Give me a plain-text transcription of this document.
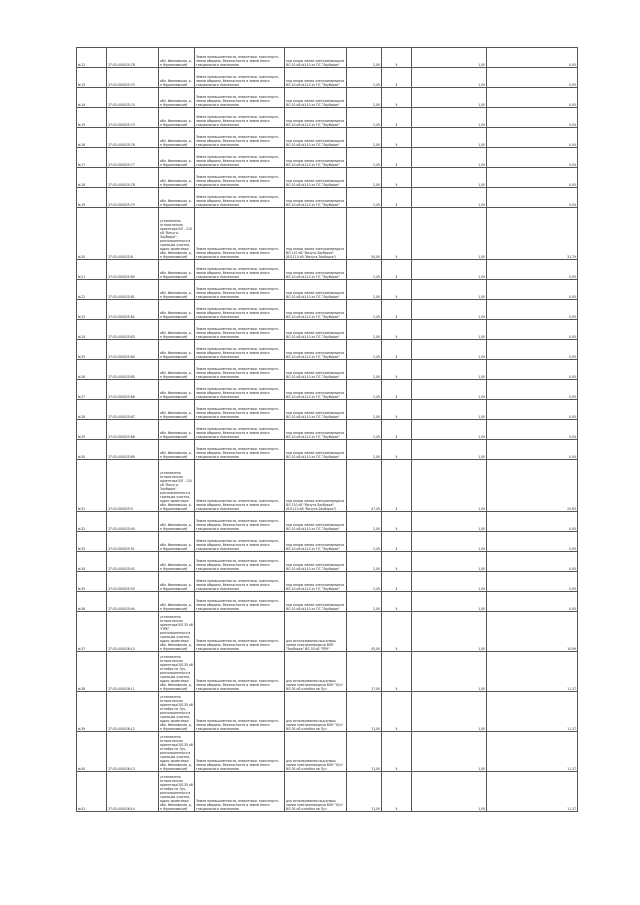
№12	37:02:000025:78	обл. Ивановская, р-н Фурмановский	Земли промышленности, энергетики, транспорта, земли обороны, безопасности и земли иного специального назначения	под опоры линии электропередачи ВЛ-10 кВ №110 от ПС "Зауборье"	2,00	4	1,00	0,05
№13	37:02:000025:75	обл. Ивановская, р-н Фурмановский	Земли промышленности, энергетики, транспорта, земли обороны, безопасности и земли иного специального назначения	под опоры линии электропередачи ВЛ-10 кВ №110 от ПС "Зауборье"	2,00	4	1,00	0,05
№14	37:02:000025:74	обл. Ивановская, р-н Фурмановский	Земли промышленности, энергетики, транспорта, земли обороны, безопасности и земли иного специального назначения	под опоры линии электропередачи ВЛ-10 кВ №110 от ПС "Зауборье"	2,00	4	1,00	0,05
№15	37:02:000025:73	обл. Ивановская, р-н Фурмановский	Земли промышленности, энергетики, транспорта, земли обороны, безопасности и земли иного специального назначения	под опоры линии электропередачи ВЛ-10 кВ №110 от ПС "Зауборье"	2,00	4	1,00	0,04
№16	37:02:000025:76	обл. Ивановская, р-н Фурмановский	Земли промышленности, энергетики, транспорта, земли обороны, безопасности и земли иного специального назначения	под опоры линии электропередачи ВЛ-10 кВ №110 от ПС "Зауборье"	2,00	4	1,00	0,04
№17	37:02:000025:77	обл. Ивановская, р-н Фурмановский	Земли промышленности, энергетики, транспорта, земли обороны, безопасности и земли иного специального назначения	под опоры линии электропередачи ВЛ-10 кВ №110 от ПС "Зауборье"	2,00	4	1,00	0,04
№18	37:02:000025:78	обл. Ивановская, р-н Фурмановский	Земли промышленности, энергетики, транспорта, земли обороны, безопасности и земли иного специального назначения	под опоры линии электропередачи ВЛ-10 кВ №110 от ПС "Зауборье"	2,00	4	1,00	0,05
№19	37:02:000025:79	обл. Ивановская, р-н Фурмановский	Земли промышленности, энергетики, транспорта, земли обороны, безопасности и земли иного специального назначения	под опоры линии электропередачи ВЛ-10 кВ №110 от ПС "Зауборье"	2,00	4	1,00	0,04
№20	37:02:000025:8	установлено относительно ориентира ВЛ - 110 кВ "Вичуга-Зауборье", расположенного в границах участка, адрес ориентира: обл. Ивановская, р-н Фурмановский	Земли промышленности, энергетики, транспорта, земли обороны, безопасности и земли иного специального назначения	под опоры линии электропередачи ВЛ-110 кВ "Вичуга-Зауборье" (ВЛ-110 кВ "Вичуга-Зауборье")	54,00	4	1,00	31,79
№21	37:02:000025:80	обл. Ивановская, р-н Фурмановский	Земли промышленности, энергетики, транспорта, земли обороны, безопасности и земли иного специального назначения	под опоры линии электропередачи ВЛ-10 кВ №110 от ПС "Зауборье"	2,00	4	1,00	0,05
№22	37:02:000025:81	обл. Ивановская, р-н Фурмановский	Земли промышленности, энергетики, транспорта, земли обороны, безопасности и земли иного специального назначения	под опоры линии электропередачи ВЛ-10 кВ №110 от ПС "Зауборье"	2,00	4	1,00	0,05
№23	37:02:000025:82	обл. Ивановская, р-н Фурмановский	Земли промышленности, энергетики, транспорта, земли обороны, безопасности и земли иного специального назначения	под опоры линии электропередачи ВЛ-10 кВ №110 от ПС "Зауборье"	2,00	4	1,00	0,05
№24	37:02:000025:83	обл. Ивановская, р-н Фурмановский	Земли промышленности, энергетики, транспорта, земли обороны, безопасности и земли иного специального назначения	под опоры линии электропередачи ВЛ-10 кВ №110 от ПС "Зауборье"	2,00	4	1,00	0,05
№25	37:02:000025:84	обл. Ивановская, р-н Фурмановский	Земли промышленности, энергетики, транспорта, земли обороны, безопасности и земли иного специального назначения	под опоры линии электропередачи ВЛ-10 кВ №110 от ПС "Зауборье"	2,00	4	1,00	0,05
№26	37:02:000025:85	обл. Ивановская, р-н Фурмановский	Земли промышленности, энергетики, транспорта, земли обороны, безопасности и земли иного специального назначения	под опоры линии электропередачи ВЛ-10 кВ №110 от ПС "Зауборье"	2,00	4	1,00	0,05
№27	37:02:000025:86	обл. Ивановская, р-н Фурмановский	Земли промышленности, энергетики, транспорта, земли обороны, безопасности и земли иного специального назначения	под опоры линии электропередачи ВЛ-10 кВ №110 от ПС "Зауборье"	2,00	4	1,00	0,05
№28	37:02:000025:87	обл. Ивановская, р-н Фурмановский	Земли промышленности, энергетики, транспорта, земли обороны, безопасности и земли иного специального назначения	под опоры линии электропередачи ВЛ-10 кВ №110 от ПС "Зауборье"	2,00	4	1,00	0,05
№29	37:02:000025:88	обл. Ивановская, р-н Фурмановский	Земли промышленности, энергетики, транспорта, земли обороны, безопасности и земли иного специального назначения	под опоры линии электропередачи ВЛ-10 кВ №110 от ПС "Зауборье"	2,00	4	1,00	0,04
№30	37:02:000025:89	обл. Ивановская, р-н Фурмановский	Земли промышленности, энергетики, транспорта, земли обороны, безопасности и земли иного специального назначения	под опоры линии электропередачи ВЛ-10 кВ №110 от ПС "Зауборье"	2,00	4	1,00	0,04
№31	37:02:000025:9	установлено относительно ориентира ВЛ - 110 кВ "Вичуга-Зауборье", расположенного в границах участка, адрес ориентира: обл. Ивановская, р-н Фурмановский	Земли промышленности, энергетики, транспорта, земли обороны, безопасности и земли иного специального назначения	под опоры линии электропередачи ВЛ-110 кВ "Вичуга-Зауборье" (ВЛ-110 кВ "Вичуга-Зауборье")	47,00	4	1,00	25,83
№32	37:02:000025:90	обл. Ивановская, р-н Фурмановский	Земли промышленности, энергетики, транспорта, земли обороны, безопасности и земли иного специального назначения	под опоры линии электропередачи ВЛ-10 кВ №110 от ПС "Зауборье"	2,00	4	1,00	0,05
№33	37:02:000025:91	обл. Ивановская, р-н Фурмановский	Земли промышленности, энергетики, транспорта, земли обороны, безопасности и земли иного специального назначения	под опоры линии электропередачи ВЛ-10 кВ №110 от ПС "Зауборье"	2,00	4	1,00	0,05
№34	37:02:000025:92	обл. Ивановская, р-н Фурмановский	Земли промышленности, энергетики, транспорта, земли обороны, безопасности и земли иного специального назначения	под опоры линии электропередачи ВЛ-10 кВ №110 от ПС "Зауборье"	2,00	4	1,00	0,05
№35	37:02:000025:93	обл. Ивановская, р-н Фурмановский	Земли промышленности, энергетики, транспорта, земли обороны, безопасности и земли иного специального назначения	под опоры линии электропередачи ВЛ-10 кВ №110 от ПС "Зауборье"	2,00	4	1,00	0,05
№36	37:02:000025:94	обл. Ивановская, р-н Фурмановский	Земли промышленности, энергетики, транспорта, земли обороны, безопасности и земли иного специального назначения	под опоры линии электропередачи ВЛ-10 кВ №110 от ПС "Зауборье"	2,00	4	1,00	0,05
№37	37:02:000026:10	установлено относительно ориентира ВЛ-35 кВ "ПРК", расположенного в границах участка, адрес ориентира: обл. Ивановская, р-н Фурмановский	Земли промышленности, энергетики, транспорта, земли обороны, безопасности и земли иного специального назначения	для использования под опоры линии электропередачи ВОК "Зауборье" ВЛ-35 кВ "ПРК"	45,00	4	1,00	10,99
№38	37:02:000026:11	установлено относительно ориентира ВЛ-35 кВ отпайка на Луч, расположенного в границах участка, адрес ориентира: обл. Ивановская, р-н Фурмановский	Земли промышленности, энергетики, транспорта, земли обороны, безопасности и земли иного специального назначения	для использования под опоры линии электропередачи ВОК "Луч" ВЛ-35 кВ отпайка на Луч	17,00	4	1,00	11,37
№39	37:02:000026:12	установлено относительно ориентира ВЛ-35 кВ отпайка на Луч, расположенного в границах участка, адрес ориентира: обл. Ивановская, р-н Фурмановский	Земли промышленности, энергетики, транспорта, земли обороны, безопасности и земли иного специального назначения	для использования под опоры линии электропередачи ВОК "Луч" ВЛ-35 кВ отпайка на Луч	11,00	4	1,00	11,37
№40	37:02:000026:13	установлено относительно ориентира ВЛ-35 кВ отпайка на Луч, расположенного в границах участка, адрес ориентира: обл. Ивановская, р-н Фурмановский	Земли промышленности, энергетики, транспорта, земли обороны, безопасности и земли иного специального назначения	для использования под опоры линии электропередачи ВОК "Луч" ВЛ-35 кВ отпайка на Луч	11,00	4	1,00	11,37
№41	37:02:000026:14	установлено относительно ориентира ВЛ-35 кВ отпайка на Луч, расположенного в границах участка, адрес ориентира: обл. Ивановская, р-н Фурмановский	Земли промышленности, энергетики, транспорта, земли обороны, безопасности и земли иного специального назначения	для использования под опоры линии электропередачи ВОК "Луч" ВЛ-35 кВ отпайка на Луч	11,00	4	1,00	11,37
